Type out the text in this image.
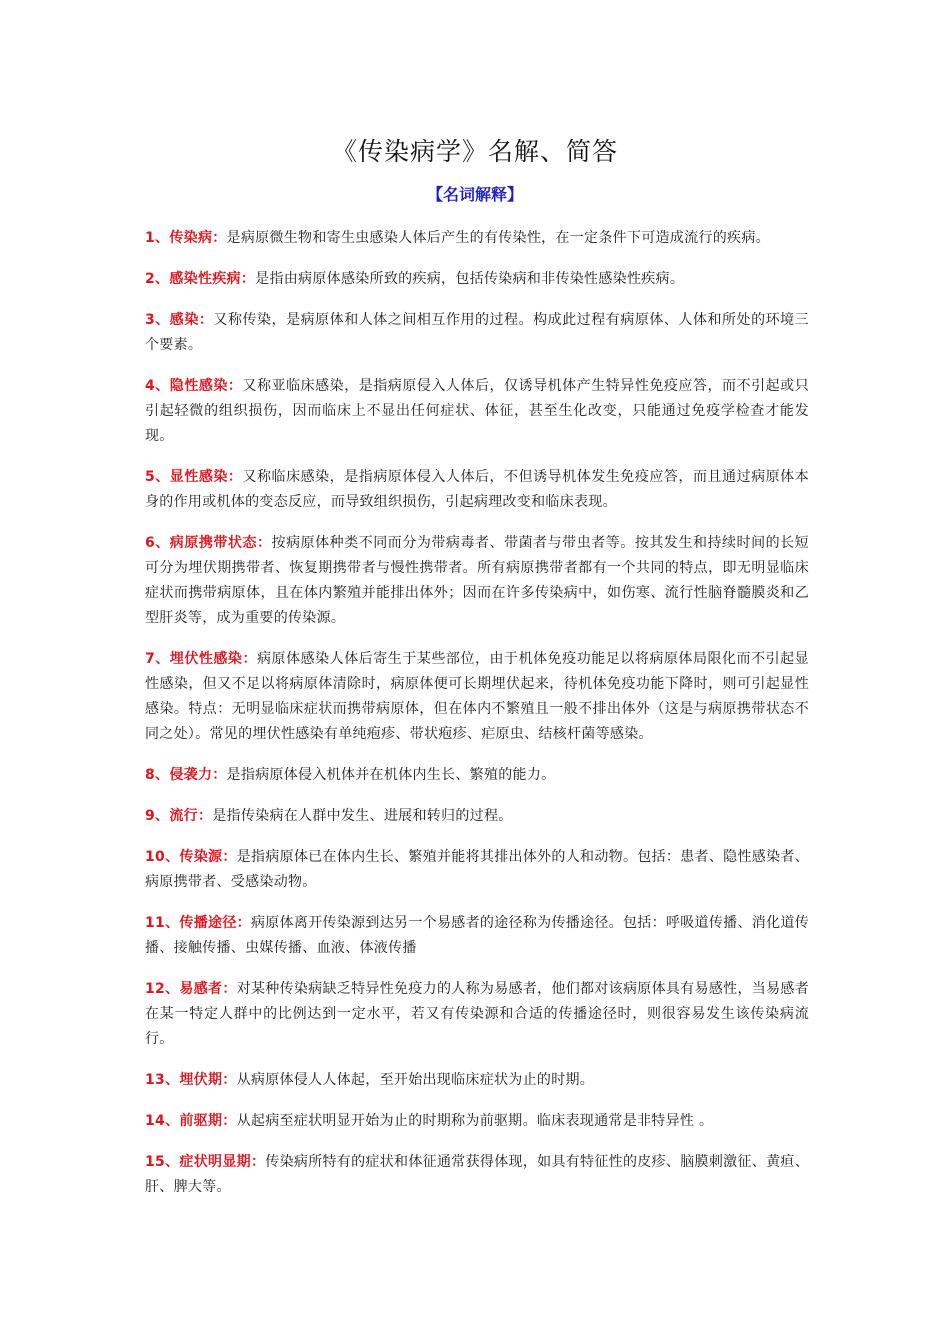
《传染病学》名解、简答
【名词解释】

1、传染病：是病原微生物和寄生虫感染人体后产生的有传染性，在一定条件下可造成流行的疾病。

2、感染性疾病：是指由病原体感染所致的疾病，包括传染病和非传染性感染性疾病。

3、感染：又称传染，是病原体和人体之间相互作用的过程。构成此过程有病原体、人体和所处的环境三个要素。

4、隐性感染：又称亚临床感染，是指病原侵入人体后，仅诱导机体产生特异性免疫应答，而不引起或只引起轻微的组织损伤，因而临床上不显出任何症状、体征，甚至生化改变，只能通过免疫学检查才能发现。

5、显性感染：又称临床感染，是指病原体侵入人体后，不但诱导机体发生免疫应答，而且通过病原体本身的作用或机体的变态反应，而导致组织损伤，引起病理改变和临床表现。

6、病原携带状态：按病原体种类不同而分为带病毒者、带菌者与带虫者等。按其发生和持续时间的长短可分为埋伏期携带者、恢复期携带者与慢性携带者。所有病原携带者都有一个共同的特点，即无明显临床症状而携带病原体，且在体内繁殖并能排出体外；因而在许多传染病中，如伤寒、流行性脑脊髓膜炎和乙型肝炎等，成为重要的传染源。

7、埋伏性感染：病原体感染人体后寄生于某些部位，由于机体免疫功能足以将病原体局限化而不引起显性感染，但又不足以将病原体清除时，病原体便可长期埋伏起来，待机体免疫功能下降时，则可引起显性感染。特点：无明显临床症状而携带病原体，但在体内不繁殖且一般不排出体外（这是与病原携带状态不同之处）。常见的埋伏性感染有单纯疱疹、带状疱疹、疟原虫、结核杆菌等感染。

8、侵袭力：是指病原体侵入机体并在机体内生长、繁殖的能力。

9、流行：是指传染病在人群中发生、进展和转归的过程。

10、传染源：是指病原体已在体内生长、繁殖并能将其排出体外的人和动物。包括：患者、隐性感染者、病原携带者、受感染动物。

11、传播途径：病原体离开传染源到达另一个易感者的途径称为传播途径。包括：呼吸道传播、消化道传播、接触传播、虫媒传播、血液、体液传播

12、易感者：对某种传染病缺乏特异性免疫力的人称为易感者，他们都对该病原体具有易感性，当易感者在某一特定人群中的比例达到一定水平，若又有传染源和合适的传播途径时，则很容易发生该传染病流行。

13、埋伏期：从病原体侵人人体起，至开始出现临床症状为止的时期。

14、前驱期：从起病至症状明显开始为止的时期称为前驱期。临床表现通常是非特异性 。

15、症状明显期：传染病所特有的症状和体征通常获得体现，如具有特征性的皮疹、脑膜刺激征、黄疸、肝、脾大等。
